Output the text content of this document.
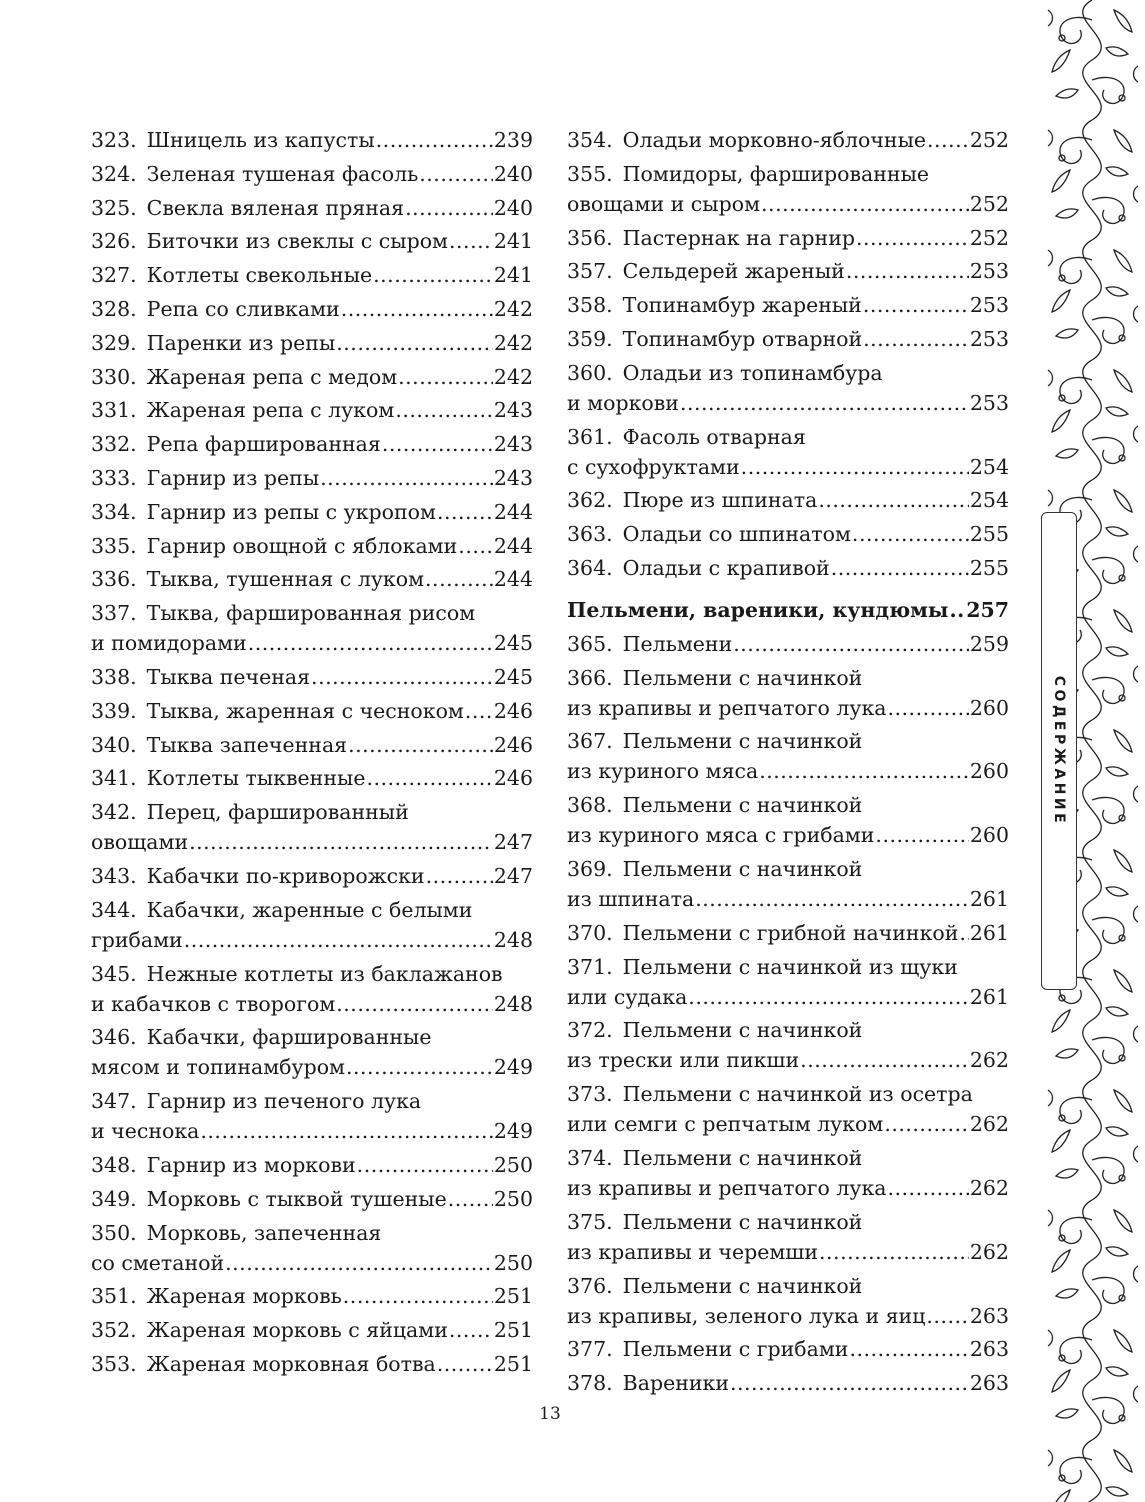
323. Шницель из капусты .....	239
324. Зеленая тушеная фасоль .....	240
325. Свекла вяленая пряная .....	240
326. Биточки из свеклы с сыром ..... 241
327. Котлеты свекольные .....	241
328. Репа со сливками .....	242
329. Паренки из репы .....	242
330. Жареная репа с медом .....	242
331. Жареная репа с луком .....	243
332. Репа фаршированная .....	243
333. Гарнир из репы .....	243
334. Гарнир из репы с укропом .....	244
335. Гарнир овощной с яблоками ..... 244
336. Тыква, тушенная с луком .....	244
337. Тыква, фаршированная рисом
и помидорами .....	245
338. Тыква печеная .....	245
339. Тыква, жаренная с чесноком ..... 246
340. Тыква запеченная .....	246
341. Котлеты тыквенные .....	246
342. Перец, фаршированный
овощами .....	247
343. Кабачки по-криворожски .....	247
344. Кабачки, жаренные с белыми
грибами .....	248
345. Нежные котлеты из баклажанов
и кабачков с творогом .....	248
346. Кабачки, фаршированные
мясом и топинамбуром .....	249
347. Гарнир из печеного лука
и чеснока .....	249
348. Гарнир из моркови .....	250
349. Морковь с тыквой тушеные ..... 250
350. Морковь, запеченная
со сметаной .....	250
351. Жареная морковь .....	251
352. Жареная морковь с яйцами ..... 251
353. Жареная морковная ботва .....	251
354. Оладьи морковно-яблочные ..... 252
355. Помидоры, фаршированные
овощами и сыром .....	252
356. Пастернак на гарнир .....	252
357. Сельдерей жареный .....	253
358. Топинамбур жареный .....	253
359. Топинамбур отварной .....	253
360. Оладьи из топинамбура
и моркови .....	253
361. Фасоль отварная
с сухофруктами .....	254
362. Пюре из шпината .....	254
363. Оладьи со шпинатом .....	255
364. Оладьи с крапивой .....	255
Пельмени, вареники, кундюмы ..... 257
365. Пельмени .....	259
366. Пельмени с начинкой
из крапивы и репчатого лука .....	260
367. Пельмени с начинкой
из куриного мяса .....	260
368. Пельмени с начинкой
из куриного мяса с грибами .....	260
369. Пельмени с начинкой
из шпината .....	261
370. Пельмени с грибной начинкой ..... 261
371. Пельмени с начинкой из щуки
или судака .....	261
372. Пельмени с начинкой
из трески или пикши .....	262
373. Пельмени с начинкой из осетра
или семги с репчатым луком .....	262
374. Пельмени с начинкой
из крапивы и репчатого лука .....	262
375. Пельмени с начинкой
из крапивы и черемши .....	262
376. Пельмени с начинкой
из крапивы, зеленого лука и яиц ..... 263
377. Пельмени с грибами .....	263
378. Вареники .....	263
13
СОДЕРЖАНИЕ
